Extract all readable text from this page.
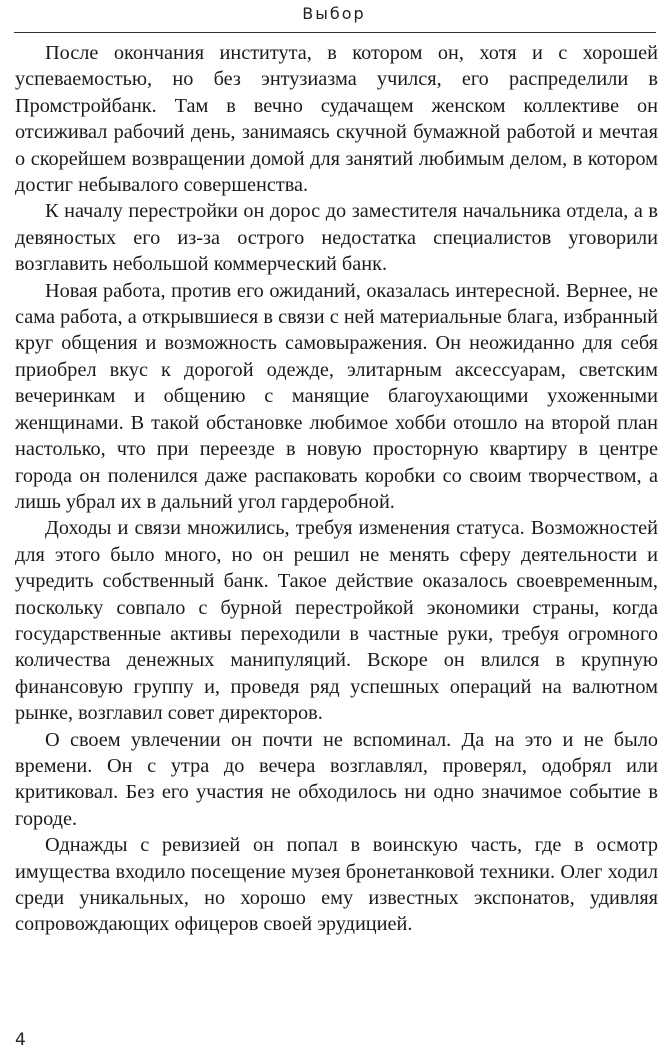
Выбор

После окончания института, в котором он, хотя и с хорошей успеваемостью, но без энтузиазма учился, его распределили в Промстройбанк. Там в вечно судачащем женском коллективе он отсиживал рабочий день, занимаясь скучной бумажной работой и мечтая о скорейшем возвращении домой для занятий любимым делом, в котором достиг небывалого совершенства.

К началу перестройки он дорос до заместителя начальника отдела, а в девяностых его из-за острого недостатка специалистов уговорили возглавить небольшой коммерческий банк.

Новая работа, против его ожиданий, оказалась интересной. Вернее, не сама работа, а открывшиеся в связи с ней материальные блага, избранный круг общения и возможность самовыражения. Он неожиданно для себя приобрел вкус к дорогой одежде, элитарным аксессуарам, светским вечеринкам и общению с манящие благоухающими ухоженными женщинами. В такой обстановке любимое хобби отошло на второй план настолько, что при переезде в новую просторную квартиру в центре города он поленился даже распаковать коробки со своим творчеством, а лишь убрал их в дальний угол гардеробной.

Доходы и связи множились, требуя изменения статуса. Возможностей для этого было много, но он решил не менять сферу деятельности и учредить собственный банк. Такое действие оказалось своевременным, поскольку совпало с бурной перестройкой экономики страны, когда государственные активы переходили в частные руки, требуя огромного количества денежных манипуляций. Вскоре он влился в крупную финансовую группу и, проведя ряд успешных операций на валютном рынке, возглавил совет директоров.

О своем увлечении он почти не вспоминал. Да на это и не было времени. Он с утра до вечера возглавлял, проверял, одобрял или критиковал. Без его участия не обходилось ни одно значимое событие в городе.

Однажды с ревизией он попал в воинскую часть, где в осмотр имущества входило посещение музея бронетанковой техники. Олег ходил среди уникальных, но хорошо ему известных экспонатов, удивляя сопровождающих офицеров своей эрудицией.

4
